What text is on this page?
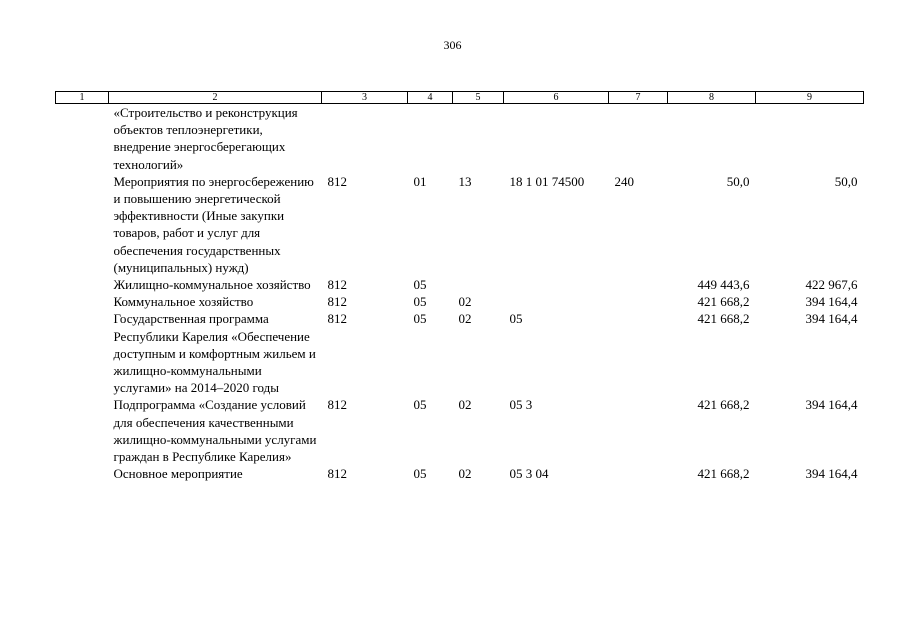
306
1	2	3	4	5	6	7	8	9
	«Строительство и реконструкция объектов теплоэнергетики, внедрение энергосберегающих технологий»							
	Мероприятия по энергосбережению и повышению энергетической эффективности (Иные закупки товаров, работ и услуг для обеспечения государственных (муниципальных) нужд)	812	01	13	18 1 01 74500	240	50,0	50,0
	Жилищно-коммунальное хозяйство	812	05				449 443,6	422 967,6
	Коммунальное хозяйство	812	05	02			421 668,2	394 164,4
	Государственная программа Республики Карелия «Обеспечение доступным и комфортным жильем и жилищно-коммунальными услугами» на 2014–2020 годы	812	05	02	05		421 668,2	394 164,4
	Подпрограмма «Создание условий для обеспечения качественными жилищно-коммунальными услугами граждан в Республике Карелия»	812	05	02	05 3		421 668,2	394 164,4
	Основное мероприятие	812	05	02	05 3 04		421 668,2	394 164,4
